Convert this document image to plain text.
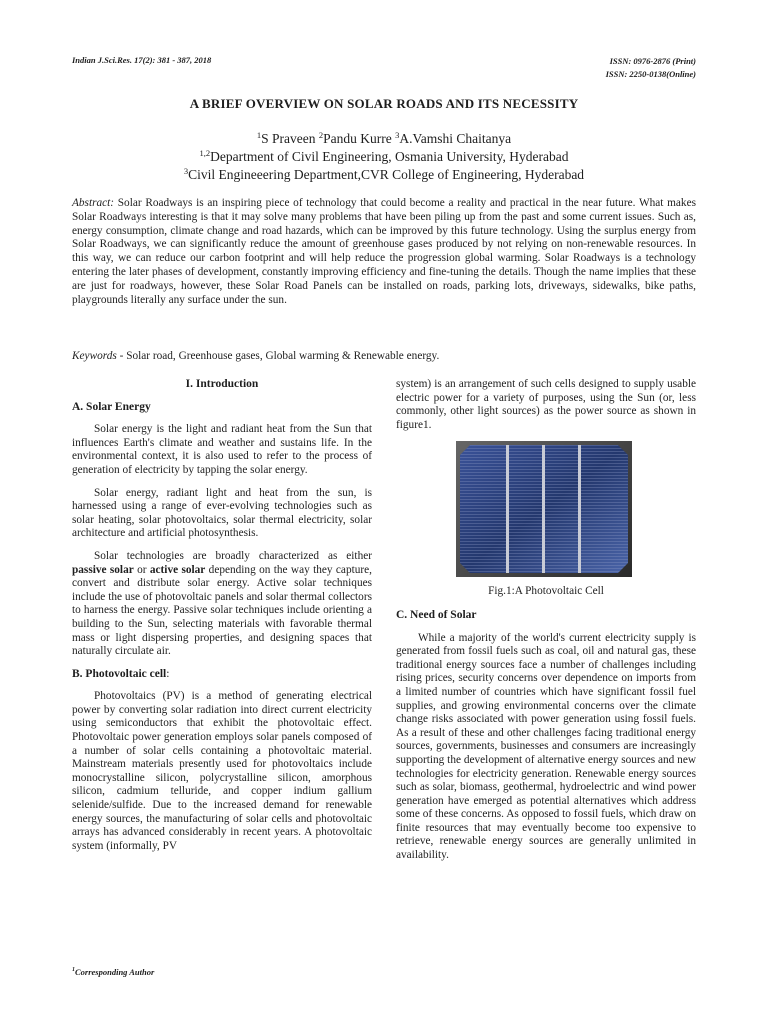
Indian J.Sci.Res. 17(2): 381 - 387, 2018	ISSN: 0976-2876 (Print)
ISSN: 2250-0138(Online)
A BRIEF OVERVIEW ON SOLAR ROADS AND ITS NECESSITY
$^1$S Praveen $^2$Pandu Kurre $^3$A.Vamshi Chaitanya
$^{1,2}$Department of Civil Engineering, Osmania University, Hyderabad
$^3$Civil Engineeering Department,CVR College of Engineering, Hyderabad
Abstract: Solar Roadways is an inspiring piece of technology that could become a reality and practical in the near future. What makes Solar Roadways interesting is that it may solve many problems that have been piling up from the past and some current issues. Such as, energy consumption, climate change and road hazards, which can be improved by this future technology. Using the surplus energy from Solar Roadways, we can significantly reduce the amount of greenhouse gases produced by not relying on non-renewable resources. In this way, we can reduce our carbon footprint and will help reduce the progression global warming. Solar Roadways is a technology entering the later phases of development, constantly improving efficiency and fine-tuning the details. Though the name implies that these are just for roadways, however, these Solar Road Panels can be installed on roads, parking lots, driveways, sidewalks, bike paths, playgrounds literally any surface under the sun.
Keywords - Solar road, Greenhouse gases, Global warming & Renewable energy.
I. Introduction
A. Solar Energy

Solar energy is the light and radiant heat from the Sun that influences Earth's climate and weather and sustains life. In the environmental context, it is also used to refer to the process of generation of electricity by tapping the solar energy.

Solar energy, radiant light and heat from the sun, is harnessed using a range of ever-evolving technologies such as solar heating, solar photovoltaics, solar thermal electricity, solar architecture and artificial photosynthesis.

Solar technologies are broadly characterized as either passive solar or active solar depending on the way they capture, convert and distribute solar energy. Active solar techniques include the use of photovoltaic panels and solar thermal collectors to harness the energy. Passive solar techniques include orienting a building to the Sun, selecting materials with favorable thermal mass or light dispersing properties, and designing spaces that naturally circulate air.

B. Photovoltaic cell:

Photovoltaics (PV) is a method of generating electrical power by converting solar radiation into direct current electricity using semiconductors that exhibit the photovoltaic effect. Photovoltaic power generation employs solar panels composed of a number of solar cells containing a photovoltaic material. Mainstream materials presently used for photovoltaics include monocrystalline silicon, polycrystalline silicon, amorphous silicon, cadmium telluride, and copper indium gallium selenide/sulfide. Due to the increased demand for renewable energy sources, the manufacturing of solar cells and photovoltaic arrays has advanced considerably in recent years. A photovoltaic system (informally, PV

system) is an arrangement of such cells designed to supply usable electric power for a variety of purposes, using the Sun (or, less commonly, other light sources) as the power source as shown in figure1.

Fig.1:A Photovoltaic Cell
C. Need of Solar

While a majority of the world's current electricity supply is generated from fossil fuels such as coal, oil and natural gas, these traditional energy sources face a number of challenges including rising prices, security concerns over dependence on imports from a limited number of countries which have significant fossil fuel supplies, and growing environmental concerns over the climate change risks associated with power generation using fossil fuels. As a result of these and other challenges facing traditional energy sources, governments, businesses and consumers are increasingly supporting the development of alternative energy sources and new technologies for electricity generation. Renewable energy sources such as solar, biomass, geothermal, hydroelectric and wind power generation have emerged as potential alternatives which address some of these concerns. As opposed to fossil fuels, which draw on finite resources that may eventually become too expensive to retrieve, renewable energy sources are generally unlimited in availability.

$^1$Corresponding Author
